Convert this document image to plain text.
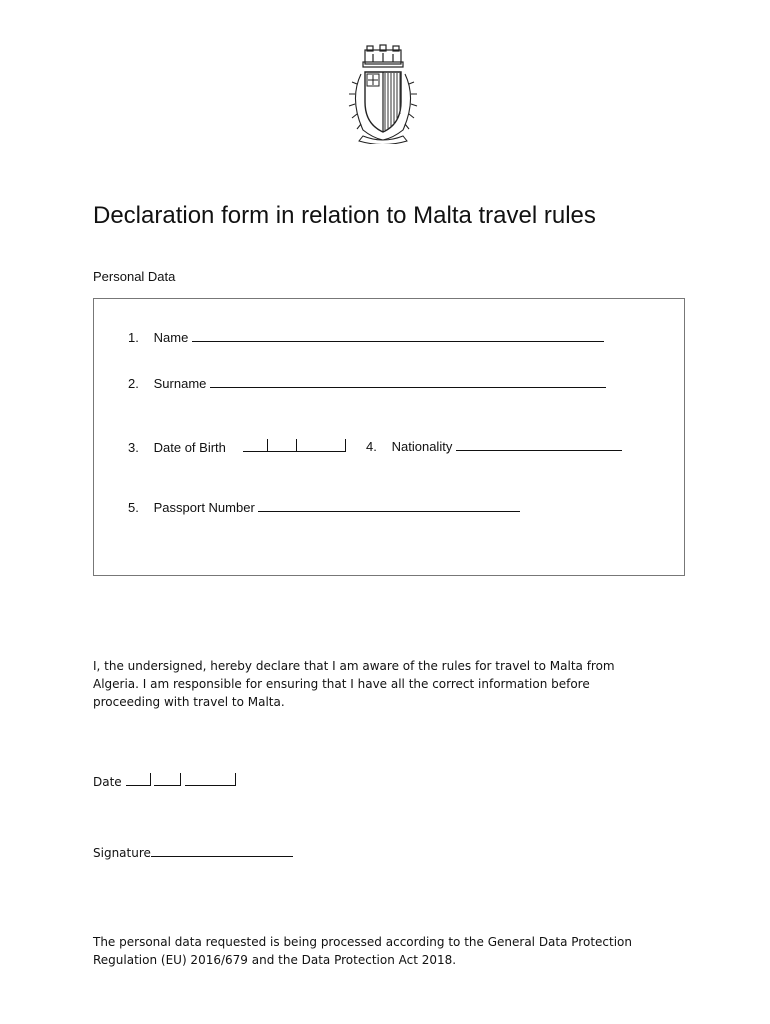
Declaration form in relation to Malta travel rules
Personal Data
1. Name
2. Surname
3. Date of Birth	4. Nationality
5. Passport Number
I, the undersigned, hereby declare that I am aware of the rules for travel to Malta from Algeria. I am responsible for ensuring that I have all the correct information before proceeding with travel to Malta.
Date
Signature
The personal data requested is being processed according to the General Data Protection Regulation (EU) 2016/679 and the Data Protection Act 2018.
